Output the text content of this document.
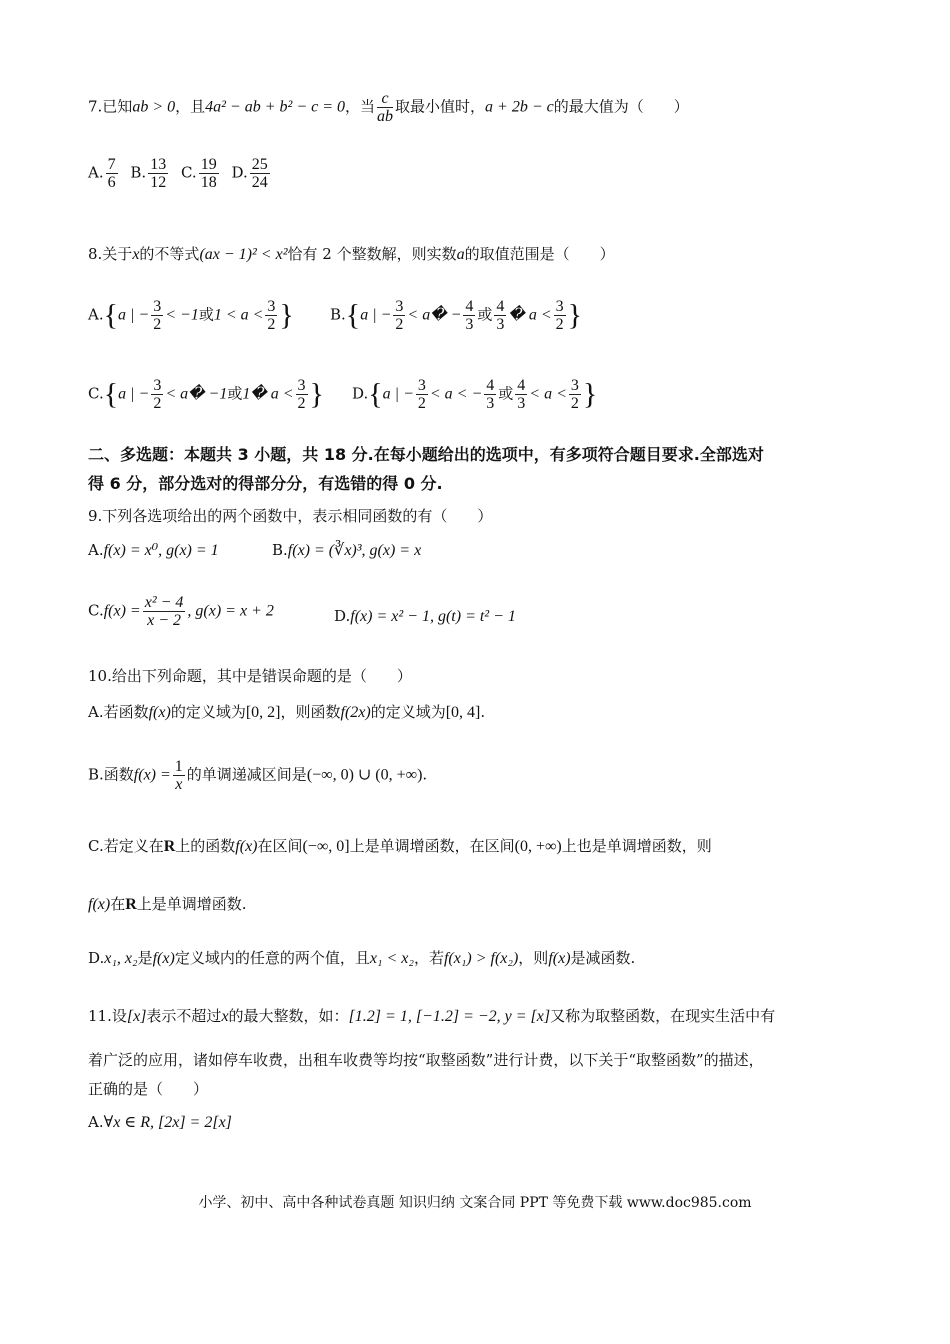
7.已知ab > 0，且4a² − ab + b² − c = 0，当 $\frac{c}{ab}$ 取最小值时，a + 2b − c的最大值为（　　）
A. $\frac{7}{6} B$. $\frac{13}{12} C$. $\frac{19}{18} D$. $\frac{25}{24}$
8.关于x的不等式(ax − 1)² < x²恰有 2 个整数解，则实数a的取值范围是（　　）
A.{a | − $\frac{3}{2} < -1$或$1 < a < \frac{3}{2}$ } B.{a | − $\frac{3}{2}$ < a� − $\frac{4}{3}$ 或 $\frac{4}{3}$ � $a < \frac{3}{2}$ }
C.{a | − $\frac{3}{2}$ < a� −1或1� $a < \frac{3}{2}$ } D.{a | − $\frac{3}{2} < a$ < − $\frac{4}{3}$ 或 $\frac{4}{3} < a < \frac{3}{2}$ }
二、多选题：本题共 3 小题，共 18 分.在每小题给出的选项中，有多项符合题目要求.全部选对
得 6 分，部分选对的得部分分，有选错的得 0 分.
9.下列各选项给出的两个函数中，表示相同函数的有（　　）
A.f(x) = x⁰, g(x) = 1	B.f(x) = (∛x)³, g(x) = x
$C.f(x) = \frac{\text{x² − 4}}{x - 2}$ , g(x) = x + 2	D.f(x) = x² − 1, g(t) = t² − 1
10.给出下列命题，其中是错误命题的是（　　）
A.若函数f(x)的定义域为[0, 2]，则函数f(2x)的定义域为[0, 4].
B.函数$f(x) = \frac{1}{x}$ 的单调递减区间是(−∞, 0) ∪ (0, +∞).
C.若定义在R上的函数f(x)在区间(−∞, 0]上是单调增函数，在区间(0, +∞)上也是单调增函数，则
f(x)在R上是单调增函数.
D.x₁, x₂是f(x)定义域内的任意的两个值，且x₁ < x₂，若f(x₁) > f(x₂)，则f(x)是减函数.
11.设[x]表示不超过x的最大整数，如：[1.2] = 1, [−1.2] = −2, y = [x]又称为取整函数，在现实生活中有
着广泛的应用，诸如停车收费，出租车收费等均按“取整函数”进行计费，以下关于“取整函数”的描述，
正确的是（　　）
A.∀x ∈ R, [2x] = 2[x]
小学、初中、高中各种试卷真题 知识归纳 文案合同 PPT 等免费下载 www.doc985.com
